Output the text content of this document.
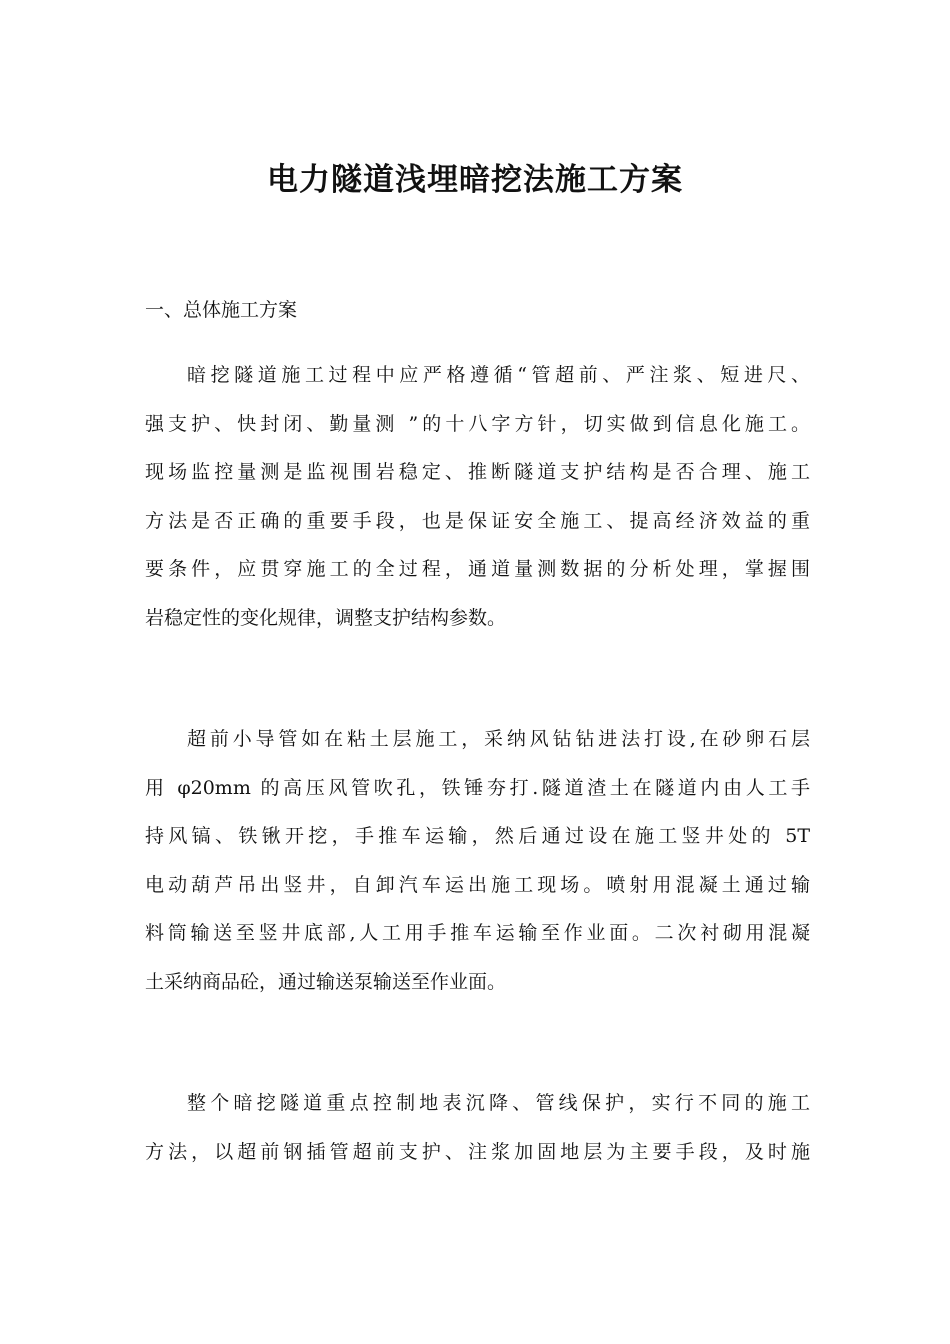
电力隧道浅埋暗挖法施工方案
一、总体施工方案
暗挖隧道施工过程中应严格遵循“管超前、严注浆、短进尺、
强支护、快封闭、勤量测 ”的十八字方针，切实做到信息化施工。
现场监控量测是监视围岩稳定、推断隧道支护结构是否合理、施工
方法是否正确的重要手段，也是保证安全施工、提高经济效益的重
要条件，应贯穿施工的全过程，通道量测数据的分析处理，掌握围
岩稳定性的变化规律，调整支护结构参数。
超前小导管如在粘土层施工，采纳风钻钻进法打设,在砂卵石层
用 φ20mm 的高压风管吹孔，铁锤夯打.隧道渣土在隧道内由人工手
持风镐、铁锹开挖，手推车运输，然后通过设在施工竖井处的 5T
电动葫芦吊出竖井，自卸汽车运出施工现场。喷射用混凝土通过输
料筒输送至竖井底部,人工用手推车运输至作业面。二次衬砌用混凝
土采纳商品砼，通过输送泵输送至作业面。
整个暗挖隧道重点控制地表沉降、管线保护，实行不同的施工
方法，以超前钢插管超前支护、注浆加固地层为主要手段，及时施
